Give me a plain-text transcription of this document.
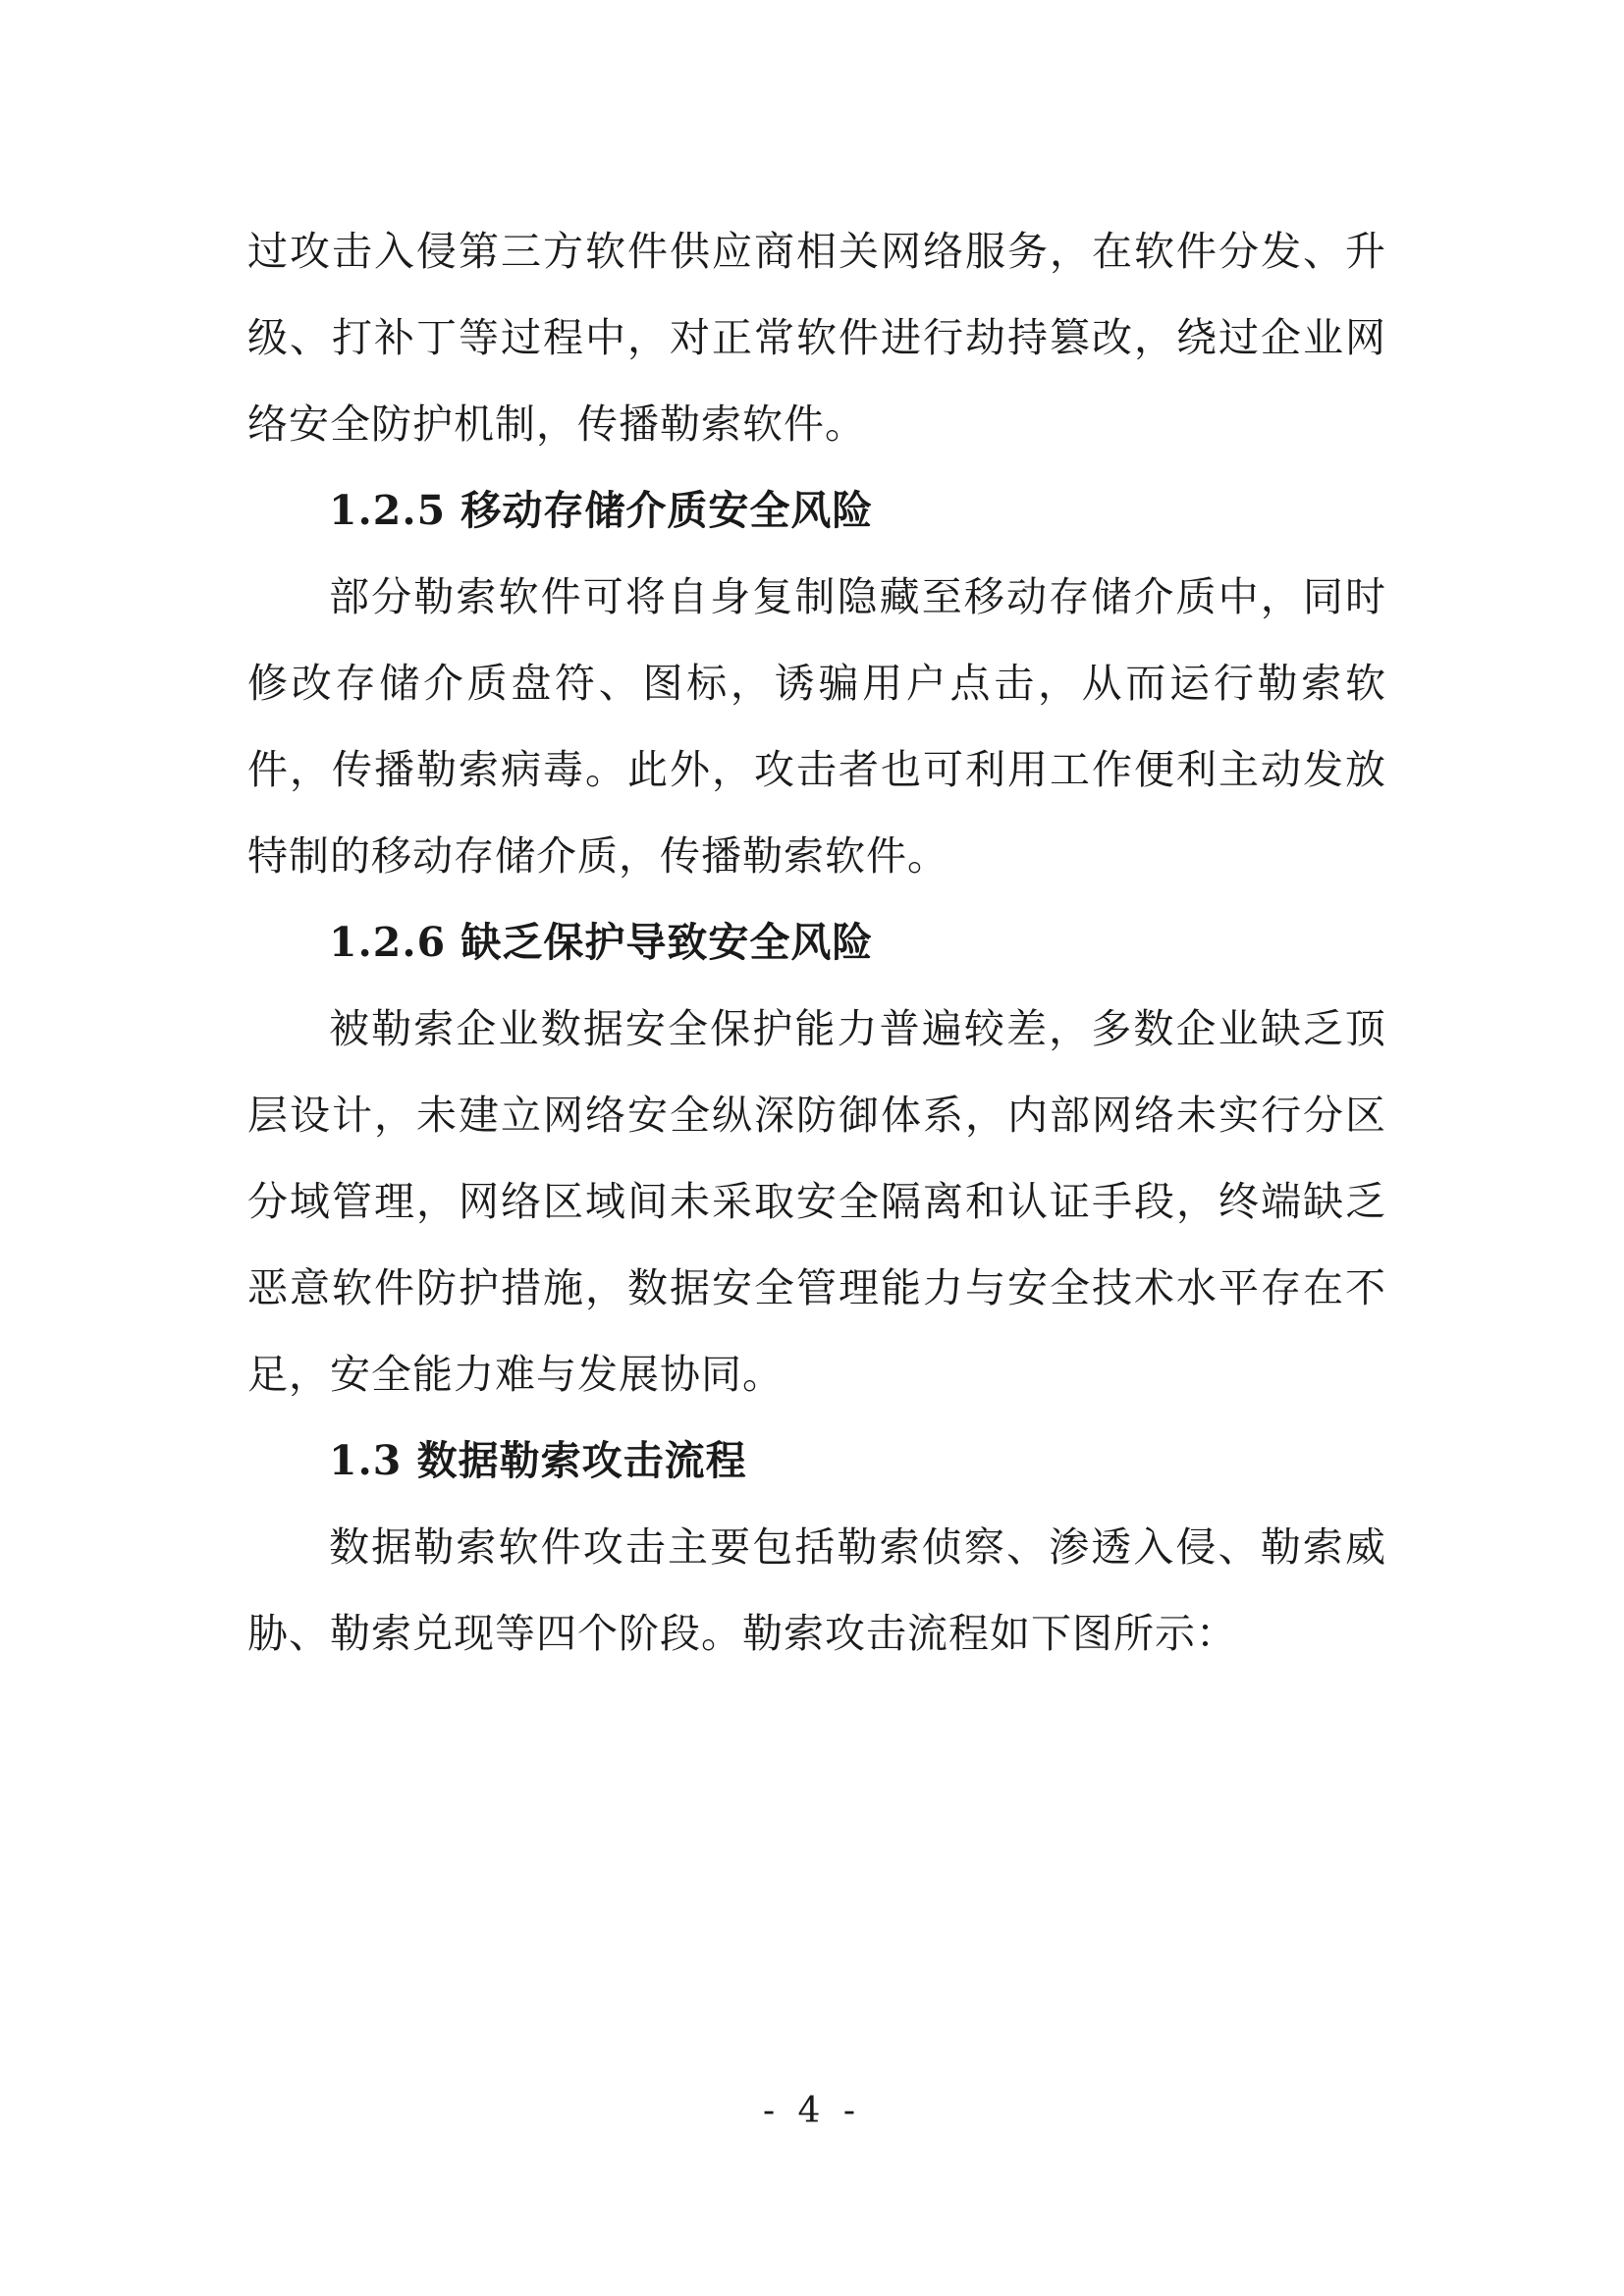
过攻击入侵第三方软件供应商相关网络服务，在软件分发、升级、打补丁等过程中，对正常软件进行劫持篡改，绕过企业网络安全防护机制，传播勒索软件。

1.2.5 移动存储介质安全风险

部分勒索软件可将自身复制隐藏至移动存储介质中，同时修改存储介质盘符、图标，诱骗用户点击，从而运行勒索软件，传播勒索病毒。此外，攻击者也可利用工作便利主动发放特制的移动存储介质，传播勒索软件。

1.2.6 缺乏保护导致安全风险

被勒索企业数据安全保护能力普遍较差，多数企业缺乏顶层设计，未建立网络安全纵深防御体系，内部网络未实行分区分域管理，网络区域间未采取安全隔离和认证手段，终端缺乏恶意软件防护措施，数据安全管理能力与安全技术水平存在不足，安全能力难与发展协同。

1.3 数据勒索攻击流程

数据勒索软件攻击主要包括勒索侦察、渗透入侵、勒索威胁、勒索兑现等四个阶段。勒索攻击流程如下图所示：

- 4 -
